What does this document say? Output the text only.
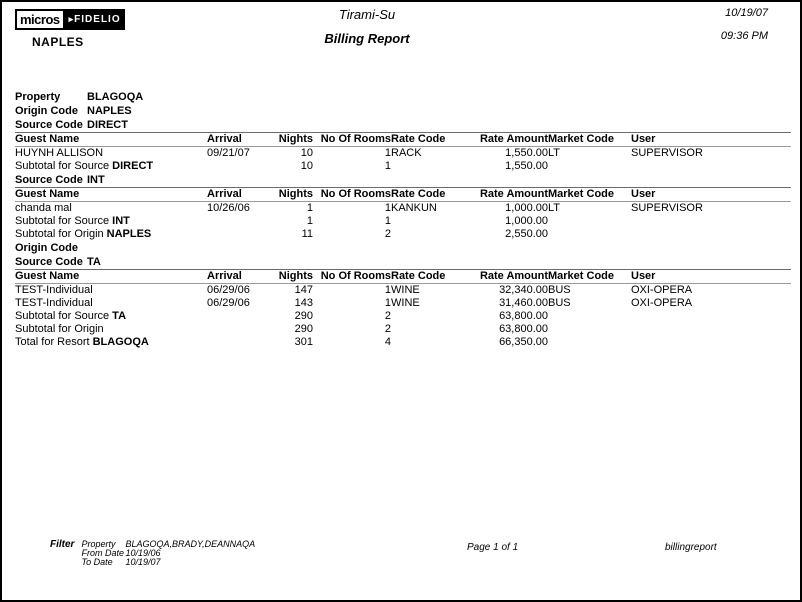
micros	▸ FIDELIO
NAPLES
Tirami-Su
Billing Report
10/19/07
09:36 PM
Property BLAGOQA
Origin Code NAPLES
Source Code DIRECT
Guest Name	Arrival	Nights	No Of Rooms	Rate Code	Rate Amount	Market Code	User
HUYNH ALLISON	09/21/07	10	1	RACK	1,550.00	LT	SUPERVISOR
Subtotal for Source DIRECT		10	1		1,550.00		
Source Code INT
Guest Name	Arrival	Nights	No Of Rooms	Rate Code	Rate Amount	Market Code	User
chanda mal	10/26/06	1	1	KANKUN	1,000.00	LT	SUPERVISOR
Subtotal for Source INT		1	1		1,000.00		
Subtotal for Origin NAPLES		11	2		2,550.00		
Origin Code
Source Code TA
Guest Name	Arrival	Nights	No Of Rooms	Rate Code	Rate Amount	Market Code	User
TEST-Individual	06/29/06	147	1	WINE	32,340.00	BUS	OXI-OPERA
TEST-Individual	06/29/06	143	1	WINE	31,460.00	BUS	OXI-OPERA
Subtotal for Source TA		290	2		63,800.00		
Subtotal for Origin		290	2		63,800.00		
Total for Resort BLAGOQA		301	4		66,350.00		
Filter Property BLAGOQA,BRADY,DEANNAQA
From Date10/19/06
To Date 10/19/07
Page 1 of 1	billingreport
